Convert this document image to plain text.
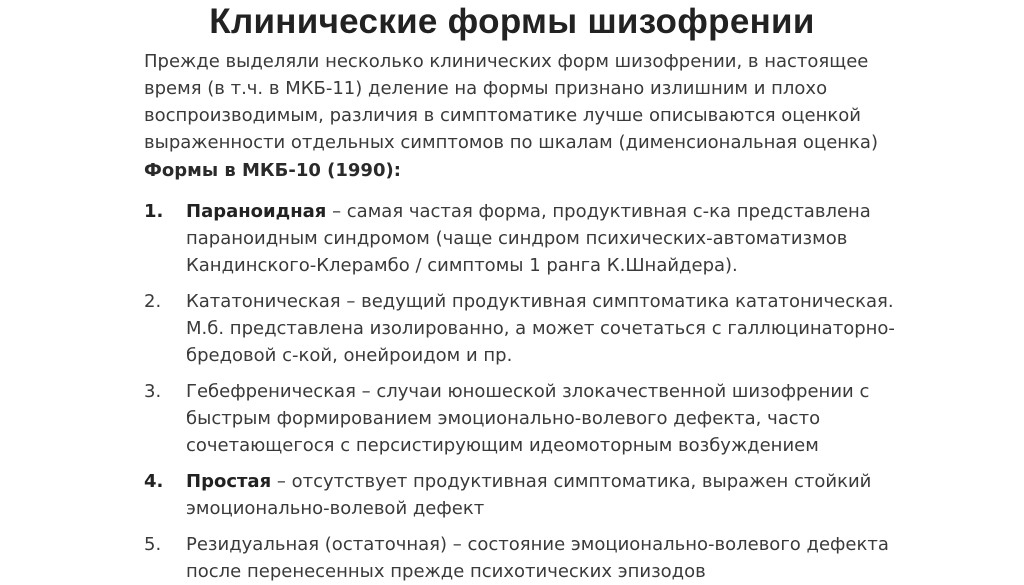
Клинические формы шизофрении
Прежде выделяли несколько клинических форм шизофрении, в настоящее время (в т.ч. в МКБ-11) деление на формы признано излишним и плохо воспроизводимым, различия в симптоматике лучше описываются оценкой выраженности отдельных симптомов по шкалам (дименсиональная оценка)
Формы в МКБ-10 (1990):
1. Параноидная – самая частая форма, продуктивная с-ка представлена параноидным синдромом (чаще синдром психических-автоматизмов Кандинского-Клерамбо / симптомы 1 ранга К.Шнайдера).
2. Кататоническая – ведущий продуктивная симптоматика кататоническая. М.б. представлена изолированно, а может сочетаться с галлюцинаторно-бредовой с-кой, онейроидом и пр.
3. Гебефреническая – случаи юношеской злокачественной шизофрении с быстрым формированием эмоционально-волевого дефекта, часто сочетающегося с персистирующим идеомоторным возбуждением
4. Простая – отсутствует продуктивная симптоматика, выражен стойкий эмоционально-волевой дефект
5. Резидуальная (остаточная) – состояние эмоционально-волевого дефекта после перенесенных прежде психотических эпизодов
